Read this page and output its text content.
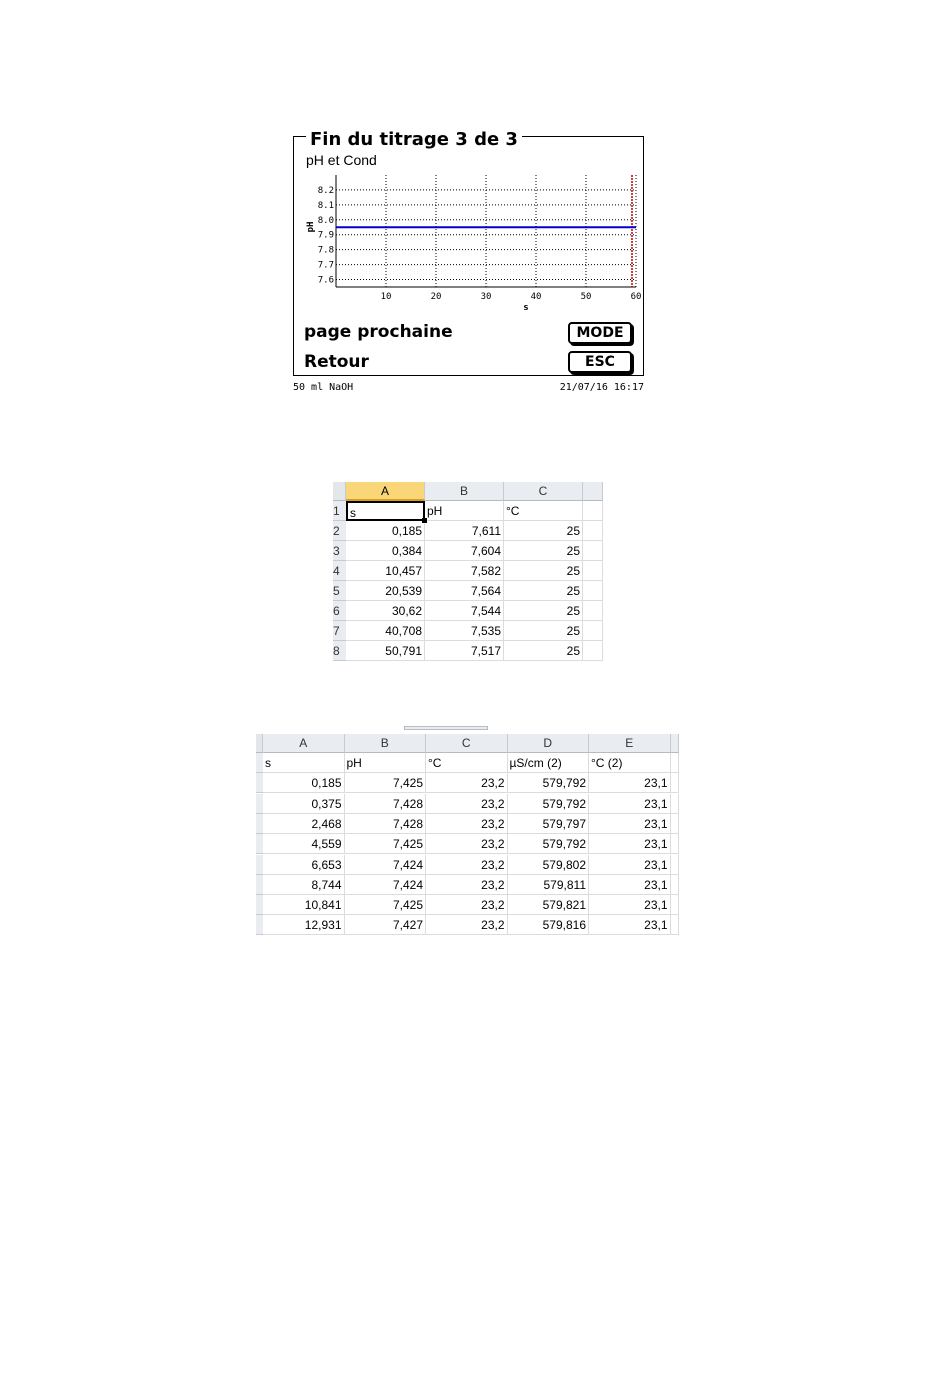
Fin du titrage 3 de 3
pH et Cond
8.2
8.1
8.0
7.9
7.8
7.7
7.6
10	20	30	40	50	60
s
pH
page prochaine	MODE
Retour	ESC
50 ml NaOH	21/07/16 16:17
A	B	C
1 s	pH	°C
2	0,185	7,611	25
3	0,384	7,604	25
4	10,457	7,582	25
5	20,539	7,564	25
6	30,62	7,544	25
7	40,708	7,535	25
8	50,791	7,517	25
A	B	C	D	E
s	pH	°C	µS/cm (2)	°C (2)
0,185	7,425	23,2	579,792	23,1
0,375	7,428	23,2	579,792	23,1
2,468	7,428	23,2	579,797	23,1
4,559	7,425	23,2	579,792	23,1
6,653	7,424	23,2	579,802	23,1
8,744	7,424	23,2	579,811	23,1
10,841	7,425	23,2	579,821	23,1
12,931	7,427	23,2	579,816	23,1
